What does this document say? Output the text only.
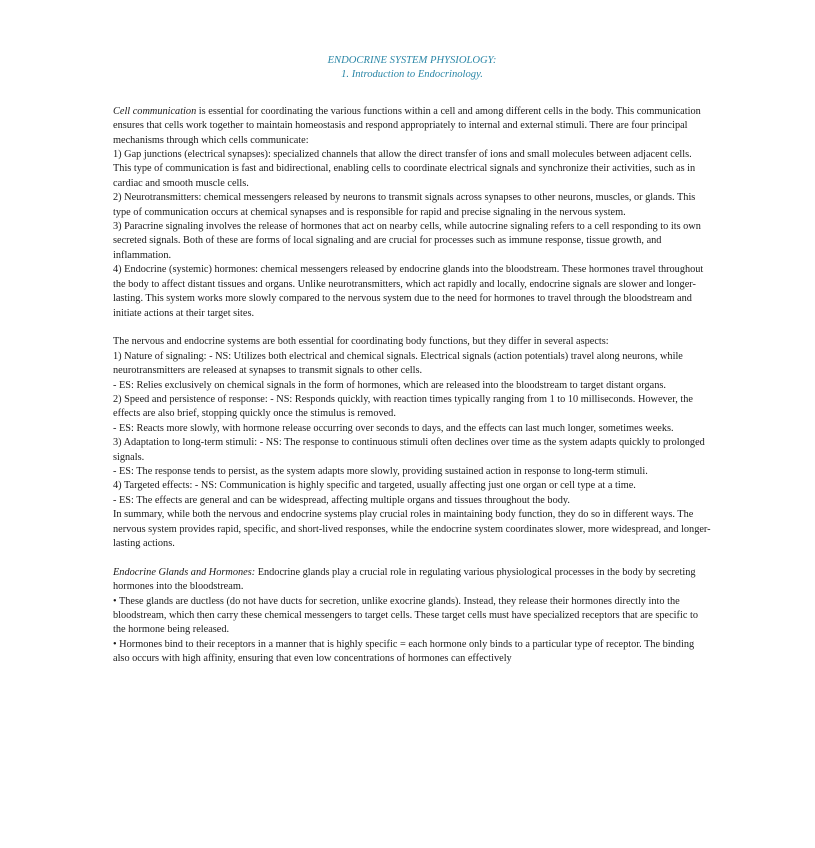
ENDOCRINE SYSTEM PHYSIOLOGY:
1. Introduction to Endocrinology.

Cell communication is essential for coordinating the various functions within a cell and among different cells in the body. This communication ensures that cells work together to maintain homeostasis and respond appropriately to internal and external stimuli. There are four principal mechanisms through which cells communicate:

1) Gap junctions (electrical synapses): specialized channels that allow the direct transfer of ions and small molecules between adjacent cells. This type of communication is fast and bidirectional, enabling cells to coordinate electrical signals and synchronize their activities, such as in cardiac and smooth muscle cells.

2) Neurotransmitters: chemical messengers released by neurons to transmit signals across synapses to other neurons, muscles, or glands. This type of communication occurs at chemical synapses and is responsible for rapid and precise signaling in the nervous system.

3) Paracrine signaling involves the release of hormones that act on nearby cells, while autocrine signaling refers to a cell responding to its own secreted signals. Both of these are forms of local signaling and are crucial for processes such as immune response, tissue growth, and inflammation.

4) Endocrine (systemic) hormones: chemical messengers released by endocrine glands into the bloodstream. These hormones travel throughout the body to affect distant tissues and organs. Unlike neurotransmitters, which act rapidly and locally, endocrine signals are slower and longer-lasting. This system works more slowly compared to the nervous system due to the need for hormones to travel through the bloodstream and initiate actions at their target sites.

The nervous and endocrine systems are both essential for coordinating body functions, but they differ in several aspects:

1) Nature of signaling: - NS: Utilizes both electrical and chemical signals. Electrical signals (action potentials) travel along neurons, while neurotransmitters are released at synapses to transmit signals to other cells.

- ES: Relies exclusively on chemical signals in the form of hormones, which are released into the bloodstream to target distant organs.

2) Speed and persistence of response: - NS: Responds quickly, with reaction times typically ranging from 1 to 10 milliseconds. However, the effects are also brief, stopping quickly once the stimulus is removed.

- ES: Reacts more slowly, with hormone release occurring over seconds to days, and the effects can last much longer, sometimes weeks.

3) Adaptation to long-term stimuli: - NS: The response to continuous stimuli often declines over time as the system adapts quickly to prolonged signals.

- ES: The response tends to persist, as the system adapts more slowly, providing sustained action in response to long-term stimuli.

4) Targeted effects: - NS: Communication is highly specific and targeted, usually affecting just one organ or cell type at a time.

- ES: The effects are general and can be widespread, affecting multiple organs and tissues throughout the body.

In summary, while both the nervous and endocrine systems play crucial roles in maintaining body function, they do so in different ways. The nervous system provides rapid, specific, and short-lived responses, while the endocrine system coordinates slower, more widespread, and longer-lasting actions.

Endocrine Glands and Hormones: Endocrine glands play a crucial role in regulating various physiological processes in the body by secreting hormones into the bloodstream.

• These glands are ductless (do not have ducts for secretion, unlike exocrine glands). Instead, they release their hormones directly into the bloodstream, which then carry these chemical messengers to target cells. These target cells must have specialized receptors that are specific to the hormone being released.

• Hormones bind to their receptors in a manner that is highly specific = each hormone only binds to a particular type of receptor. The binding also occurs with high affinity, ensuring that even low concentrations of hormones can effectively
